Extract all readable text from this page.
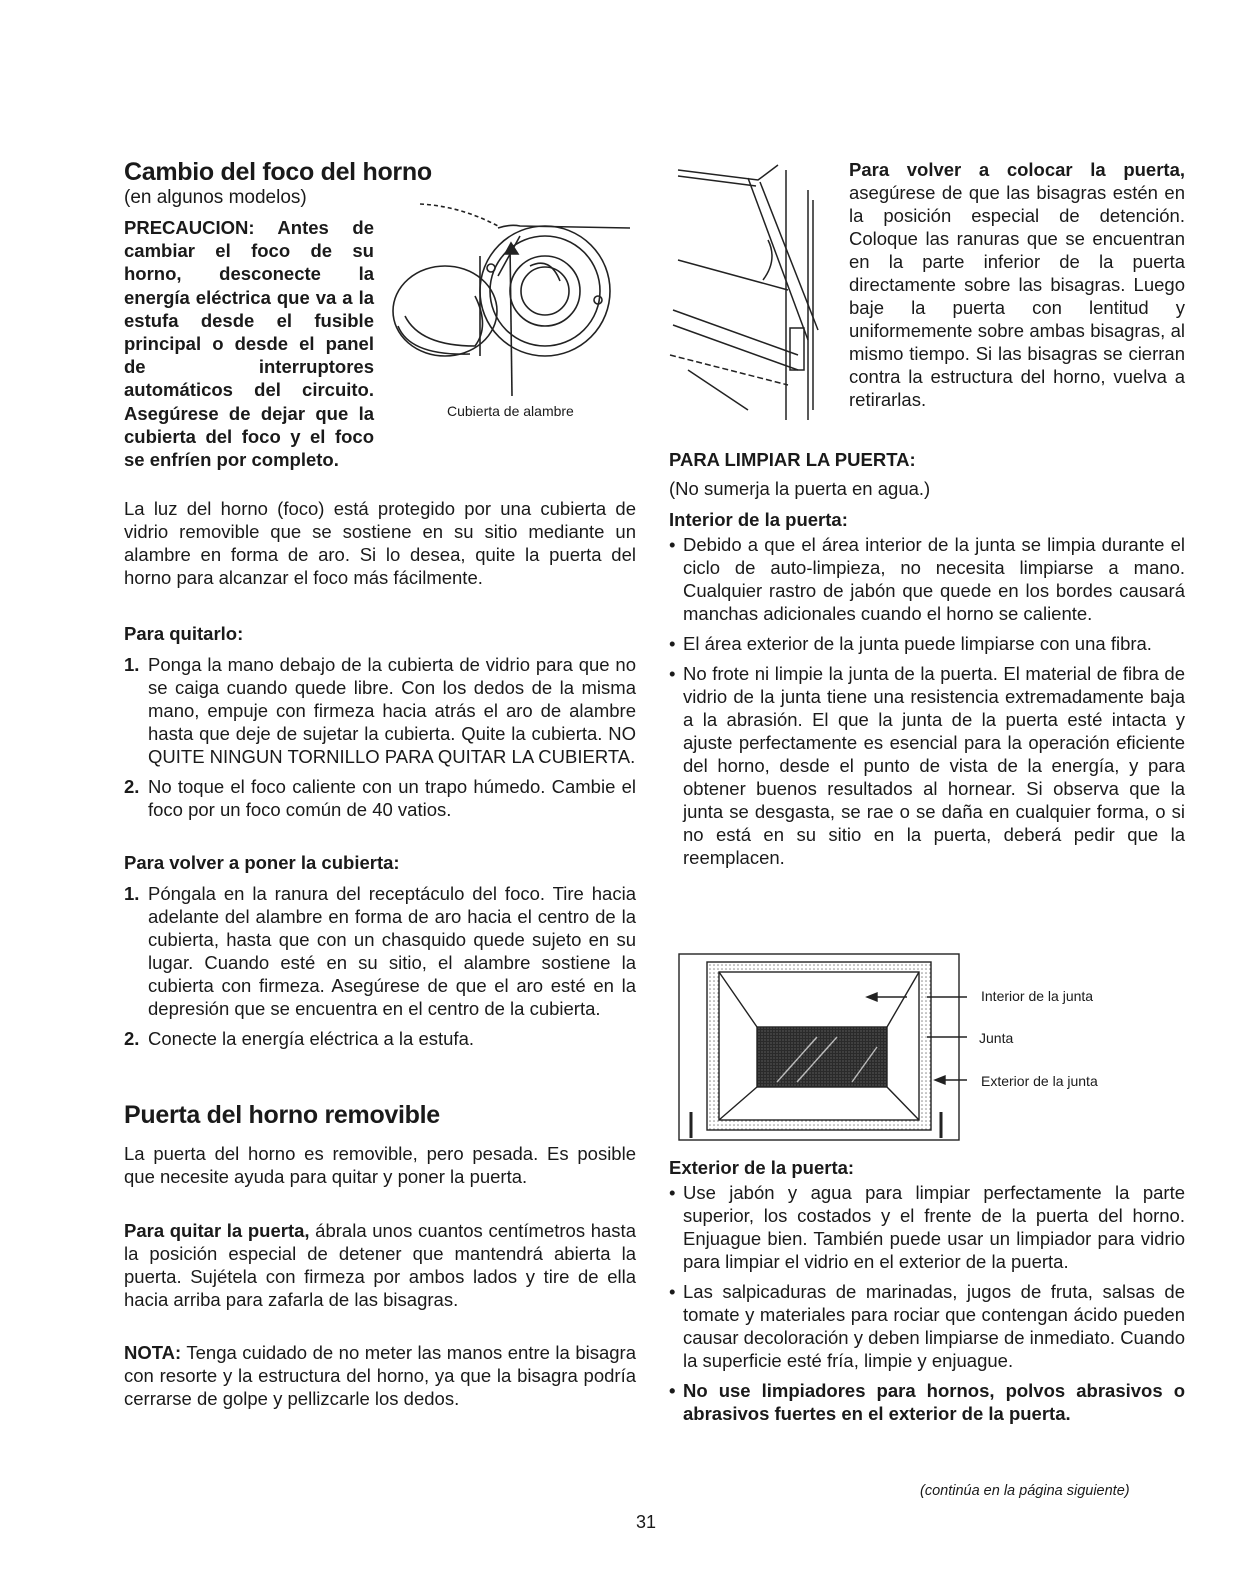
Cambio del foco del horno
(en algunos modelos)
PRECAUCION: Antes de cambiar el foco de su horno, desconecte la energía eléctrica que va a la estufa desde el fusible principal o desde el panel de interruptores automáticos del circuito. Asegúrese de dejar que la cubierta del foco y el foco se enfríen por completo.
Cubierta de alambre
La luz del horno (foco) está protegido por una cubierta de vidrio removible que se sostiene en su sitio mediante un alambre en forma de aro. Si lo desea, quite la puerta del horno para alcanzar el foco más fácilmente.
Para quitarlo:
1. Ponga la mano debajo de la cubierta de vidrio para que no se caiga cuando quede libre. Con los dedos de la misma mano, empuje con firmeza hacia atrás el aro de alambre hasta que deje de sujetar la cubierta. Quite la cubierta. NO QUITE NINGUN TORNILLO PARA QUITAR LA CUBIERTA.
2. No toque el foco caliente con un trapo húmedo. Cambie el foco por un foco común de 40 vatios.
Para volver a poner la cubierta:
1. Póngala en la ranura del receptáculo del foco. Tire hacia adelante del alambre en forma de aro hacia el centro de la cubierta, hasta que con un chasquido quede sujeto en su lugar. Cuando esté en su sitio, el alambre sostiene la cubierta con firmeza. Asegúrese de que el aro esté en la depresión que se encuentra en el centro de la cubierta.
2. Conecte la energía eléctrica a la estufa.
Puerta del horno removible
La puerta del horno es removible, pero pesada. Es posible que necesite ayuda para quitar y poner la puerta.
Para quitar la puerta, ábrala unos cuantos centímetros hasta la posición especial de detener que mantendrá abierta la puerta. Sujétela con firmeza por ambos lados y tire de ella hacia arriba para zafarla de las bisagras.
NOTA: Tenga cuidado de no meter las manos entre la bisagra con resorte y la estructura del horno, ya que la bisagra podría cerrarse de golpe y pellizcarle los dedos.
Para volver a colocar la puerta, asegúrese de que las bisagras estén en la posición especial de detención. Coloque las ranuras que se encuentran en la parte inferior de la puerta directamente sobre las bisagras. Luego baje la puerta con lentitud y uniformemente sobre ambas bisagras, al mismo tiempo. Si las bisagras se cierran contra la estructura del horno, vuelva a retirarlas.
PARA LIMPIAR LA PUERTA:
(No sumerja la puerta en agua.)
Interior de la puerta:
• Debido a que el área interior de la junta se limpia durante el ciclo de auto-limpieza, no necesita limpiarse a mano. Cualquier rastro de jabón que quede en los bordes causará manchas adicionales cuando el horno se caliente.
• El área exterior de la junta puede limpiarse con una fibra.
• No frote ni limpie la junta de la puerta. El material de fibra de vidrio de la junta tiene una resistencia extremadamente baja a la abrasión. El que la junta de la puerta esté intacta y ajuste perfectamente es esencial para la operación eficiente del horno, desde el punto de vista de la energía, y para obtener buenos resultados al hornear. Si observa que la junta se desgasta, se rae o se daña en cualquier forma, o si no está en su sitio en la puerta, deberá pedir que la reemplacen.
Interior de la junta
Junta
Exterior de la junta
Exterior de la puerta:
• Use jabón y agua para limpiar perfectamente la parte superior, los costados y el frente de la puerta del horno. Enjuague bien. También puede usar un limpiador para vidrio para limpiar el vidrio en el exterior de la puerta.
• Las salpicaduras de marinadas, jugos de fruta, salsas de tomate y materiales para rociar que contengan ácido pueden causar decoloración y deben limpiarse de inmediato. Cuando la superficie esté fría, limpie y enjuague.
• No use limpiadores para hornos, polvos abrasivos o abrasivos fuertes en el exterior de la puerta.
(continúa en la página siguiente)
31
